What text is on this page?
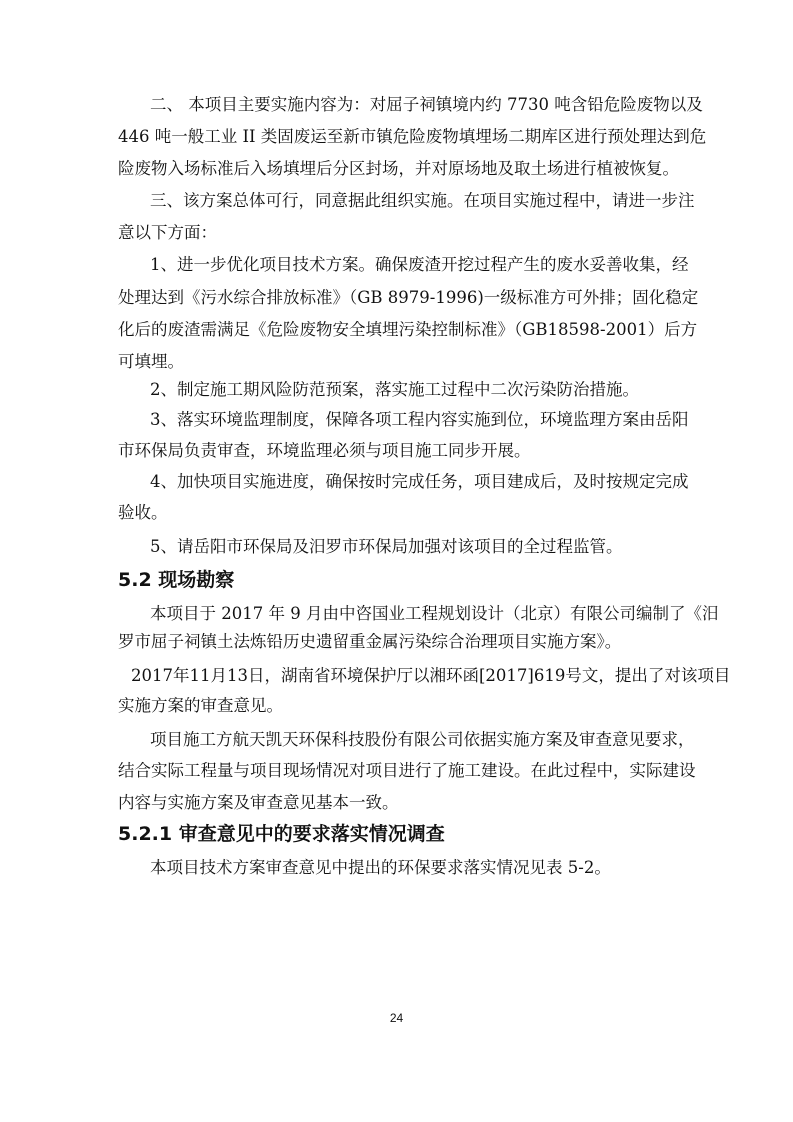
二、 本项目主要实施内容为：对屈子祠镇境内约 7730 吨含铅危险废物以及

446 吨一般工业 II 类固废运至新市镇危险废物填埋场二期库区进行预处理达到危

险废物入场标准后入场填埋后分区封场，并对原场地及取土场进行植被恢复。

三、该方案总体可行，同意据此组织实施。在项目实施过程中，请进一步注

意以下方面：

1、进一步优化项目技术方案。确保废渣开挖过程产生的废水妥善收集，经

处理达到《污水综合排放标准》（GB 8979-1996)一级标准方可外排；固化稳定

化后的废渣需满足《危险废物安全填埋污染控制标准》（GB18598-2001）后方

可填埋。

2、制定施工期风险防范预案，落实施工过程中二次污染防治措施。

3、落实环境监理制度，保障各项工程内容实施到位，环境监理方案由岳阳

市环保局负责审查，环境监理必须与项目施工同步开展。

4、加快项目实施进度，确保按时完成任务，项目建成后，及时按规定完成

验收。

5、请岳阳市环保局及汨罗市环保局加强对该项目的全过程监管。

5.2 现场勘察

本项目于 2017 年 9 月由中咨国业工程规划设计（北京）有限公司编制了《汨

罗市屈子祠镇土法炼铅历史遗留重金属污染综合治理项目实施方案》。

2017年11月13日，湖南省环境保护厅以湘环函[2017]619号文，提出了对该项目

实施方案的审查意见。

项目施工方航天凯天环保科技股份有限公司依据实施方案及审查意见要求，

结合实际工程量与项目现场情况对项目进行了施工建设。在此过程中，实际建设

内容与实施方案及审查意见基本一致。

5.2.1 审查意见中的要求落实情况调查

本项目技术方案审查意见中提出的环保要求落实情况见表 5-2。

24
